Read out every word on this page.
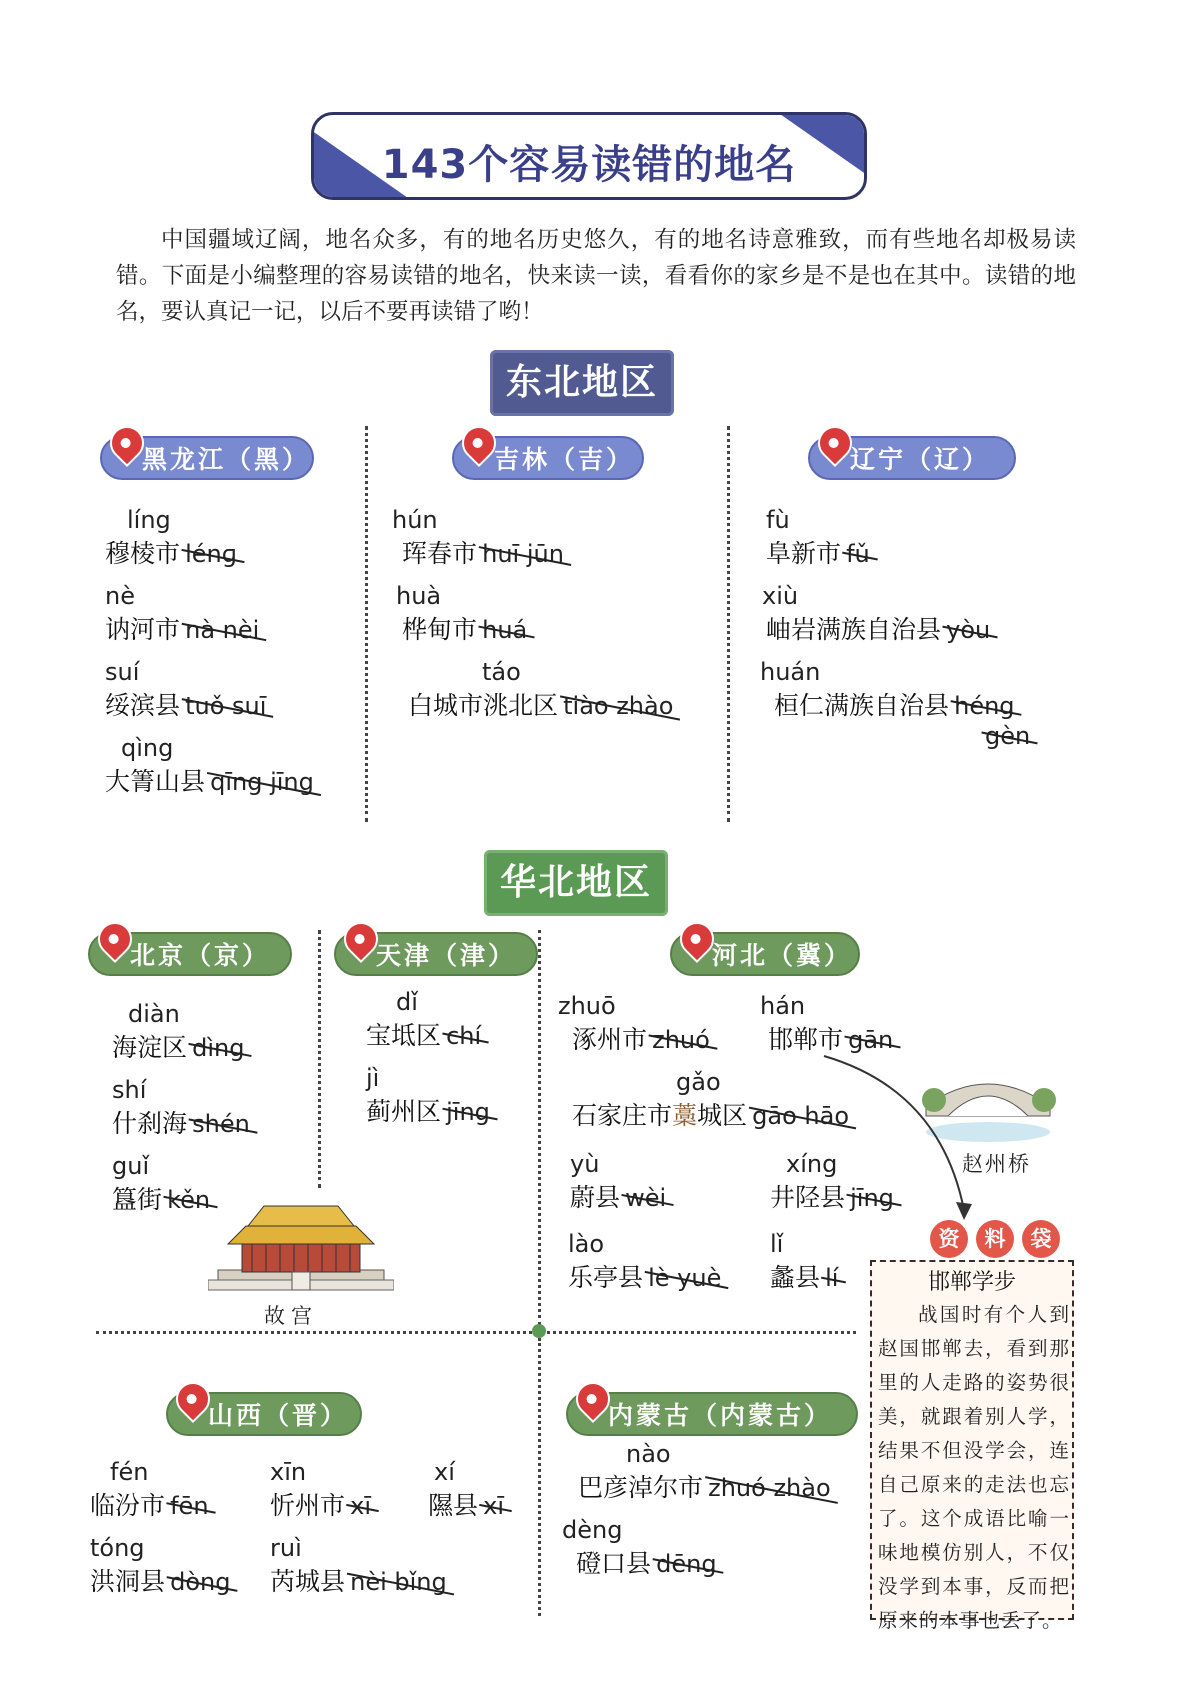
143个容易读错的地名
中国疆域辽阔，地名众多，有的地名历史悠久，有的地名诗意雅致，而有些地名却极易读错。下面是小编整理的容易读错的地名，快来读一读，看看你的家乡是不是也在其中。读错的地名，要认真记一记，以后不要再读错了哟！
东北地区
黑龙江（黑）	吉林（吉）	辽宁（辽）
líng
穆棱市 lénɡ
nè
讷河市 nà nèi
suí
绥滨县 tuǒ suī
qìng
大箐山县 qīng jīng
hún
珲春市 huī jūn
huà
桦甸市 huá
táo
白城市洮北区 tiào zhào
fù
阜新市 fǔ
xiù
岫岩满族自治县 yòu
huán
桓仁满族自治县 héng
gèn
华北地区
北京（京）	天津（津）	河北（冀）
diàn
海淀区 dìng
shí
什刹海 shén
guǐ
簋街 kěn
故宫
dǐ
宝坻区 chí
jì
蓟州区 jīng
zhuō
涿州市 zhuó
hán
邯郸市 gān
gǎo
石家庄市藁城区 gāo hāo
yù
蔚县 wèi
xíng
井陉县 jīng
lào
乐亭县 lè yuè
lǐ
蠡县 lí
赵州桥
山西（晋）
fén
临汾市 fēn
xīn
忻州市 xī
xí
隰县 xī
tóng
洪洞县 dòng
ruì
芮城县 nèi bǐng
内蒙古（内蒙古）
nào
巴彦淖尔市 zhuó zhào
dèng
磴口县 dēng
资	料	袋
邯郸学步
战国时有个人到赵国邯郸去，看到那里的人走路的姿势很美，就跟着别人学，结果不但没学会，连自己原来的走法也忘了。这个成语比喻一味地模仿别人，不仅没学到本事，反而把原来的本事也丢了。
